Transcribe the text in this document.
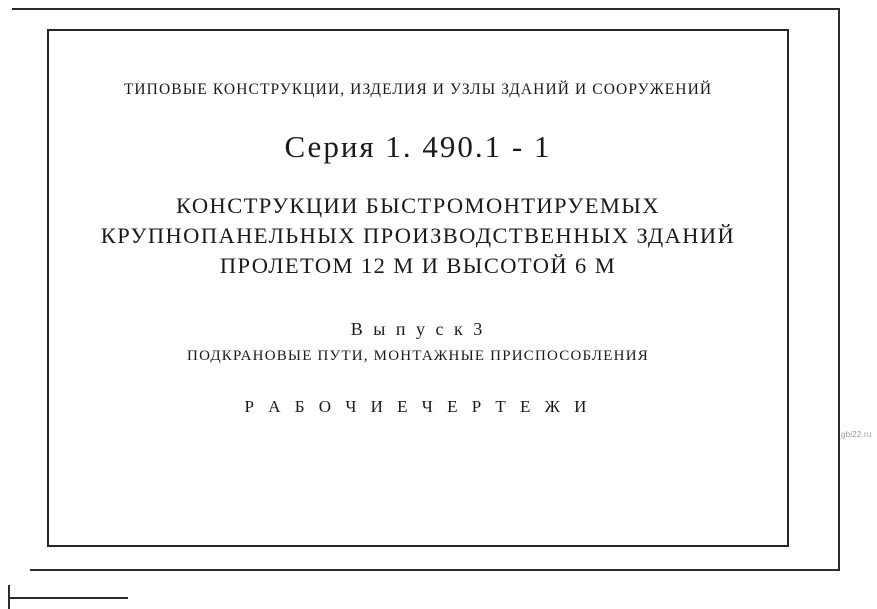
ТИПОВЫЕ КОНСТРУКЦИИ, ИЗДЕЛИЯ И УЗЛЫ ЗДАНИЙ И СООРУЖЕНИЙ
Серия 1. 490.1 - 1
КОНСТРУКЦИИ БЫСТРОМОНТИРУЕМЫХ
КРУПНОПАНЕЛЬНЫХ ПРОИЗВОДСТВЕННЫХ ЗДАНИЙ
ПРОЛЕТОМ 12 М И ВЫСОТОЙ 6 М
В ы п у с к 3
ПОДКРАНОВЫЕ ПУТИ, МОНТАЖНЫЕ ПРИСПОСОБЛЕНИЯ
Р А Б О Ч И Е Ч Е Р Т Е Ж И
gbi22.ru
